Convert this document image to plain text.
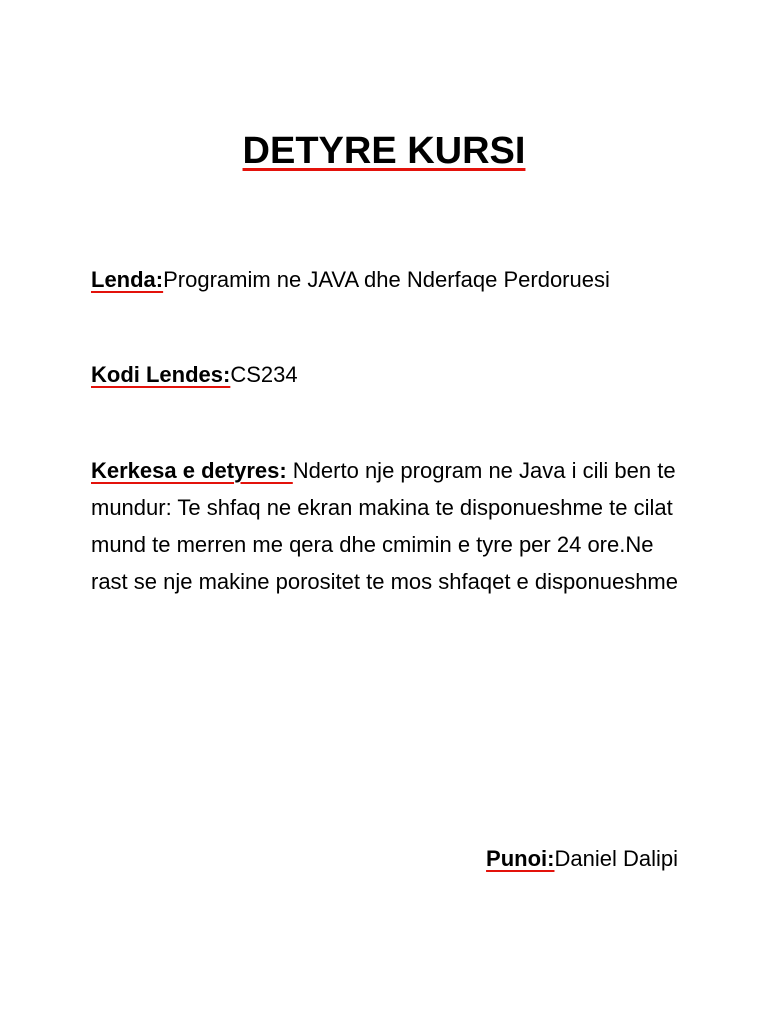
DETYRE KURSI
Lenda:Programim ne JAVA dhe Nderfaqe Perdoruesi
Kodi Lendes:CS234
Kerkesa e detyres: Nderto nje program ne Java i cili ben te mundur: Te shfaq ne ekran makina te disponueshme te cilat mund te merren me qera dhe cmimin e tyre per 24 ore.Ne rast se nje makine porositet te mos shfaqet e disponueshme
Punoi:Daniel Dalipi
